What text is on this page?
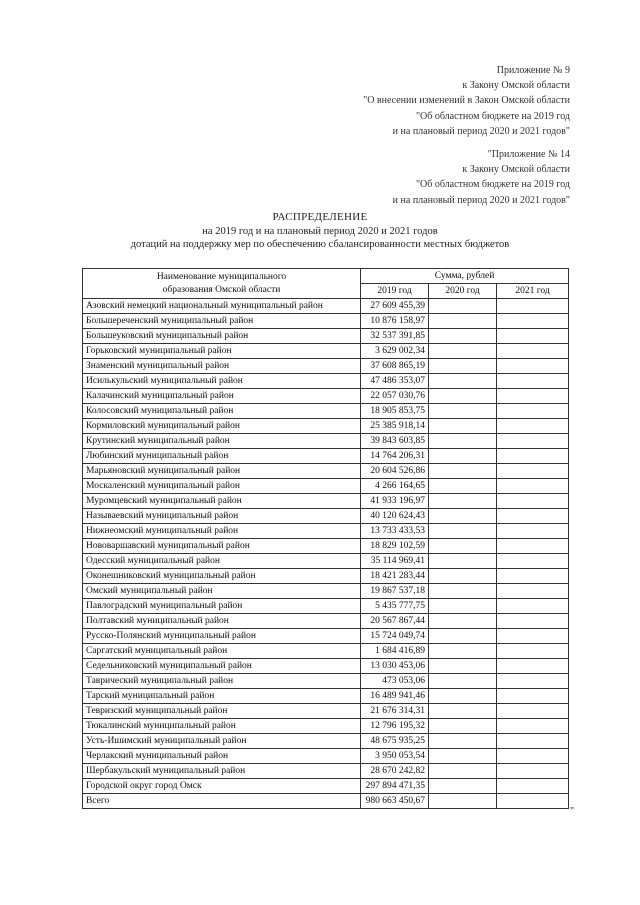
Приложение № 9
к Закону Омской области
"О внесении изменений в Закон Омской области
"Об областном бюджете на 2019 год
и на плановый период 2020 и 2021 годов"
"Приложение № 14
к Закону Омской области
"Об областном бюджете на 2019 год
и на плановый период 2020 и 2021 годов"
РАСПРЕДЕЛЕНИЕ
на 2019 год и на плановый период 2020 и 2021 годов
дотаций на поддержку мер по обеспечению сбалансированности местных бюджетов
Наименование муниципального
образования Омской области	Сумма, рублей		
	2019 год	2020 год	2021 год
Азовский немецкий национальный муниципальный район	27 609 455,39		
Большереченский муниципальный район	10 876 158,97		
Большеуковский муниципальный район	32 537 391,85		
Горьковский муниципальный район	3 629 002,34		
Знаменский муниципальный район	37 608 865,19		
Исилькульский муниципальный район	47 486 353,07		
Калачинский муниципальный район	22 057 030,76		
Колосовский муниципальный район	18 905 853,75		
Кормиловский муниципальный район	25 385 918,14		
Крутинский муниципальный район	39 843 603,85		
Любинский муниципальный район	14 764 206,31		
Марьяновский муниципальный район	20 604 526,86		
Москаленский муниципальный район	4 266 164,65		
Муромцевский муниципальный район	41 933 196,97		
Называевский муниципальный район	40 120 624,43		
Нижнеомский муниципальный район	13 733 433,53		
Нововаршавский муниципальный район	18 829 102,59		
Одесский муниципальный район	35 114 969,41		
Оконешниковский муниципальный район	18 421 283,44		
Омский муниципальный район	19 867 537,18		
Павлоградский муниципальный район	5 435 777,75		
Полтавский муниципальный район	20 567 867,44		
Русско-Полянский муниципальный район	15 724 049,74		
Саргатский муниципальный район	1 684 416,89		
Седельниковский муниципальный район	13 030 453,06		
Таврический муниципальный район	473 053,06		
Тарский муниципальный район	16 489 941,46		
Тевризский муниципальный район	21 676 314,31		
Тюкалинский муниципальный район	12 796 195,32		
Усть-Ишимский муниципальный район	48 675 935,25		
Черлакский муниципальный район	3 950 053,54		
Шербакульский муниципальный район	28 670 242,82		
Городской округ город Омск	297 894 471,35		
Всего	980 663 450,67		
"
